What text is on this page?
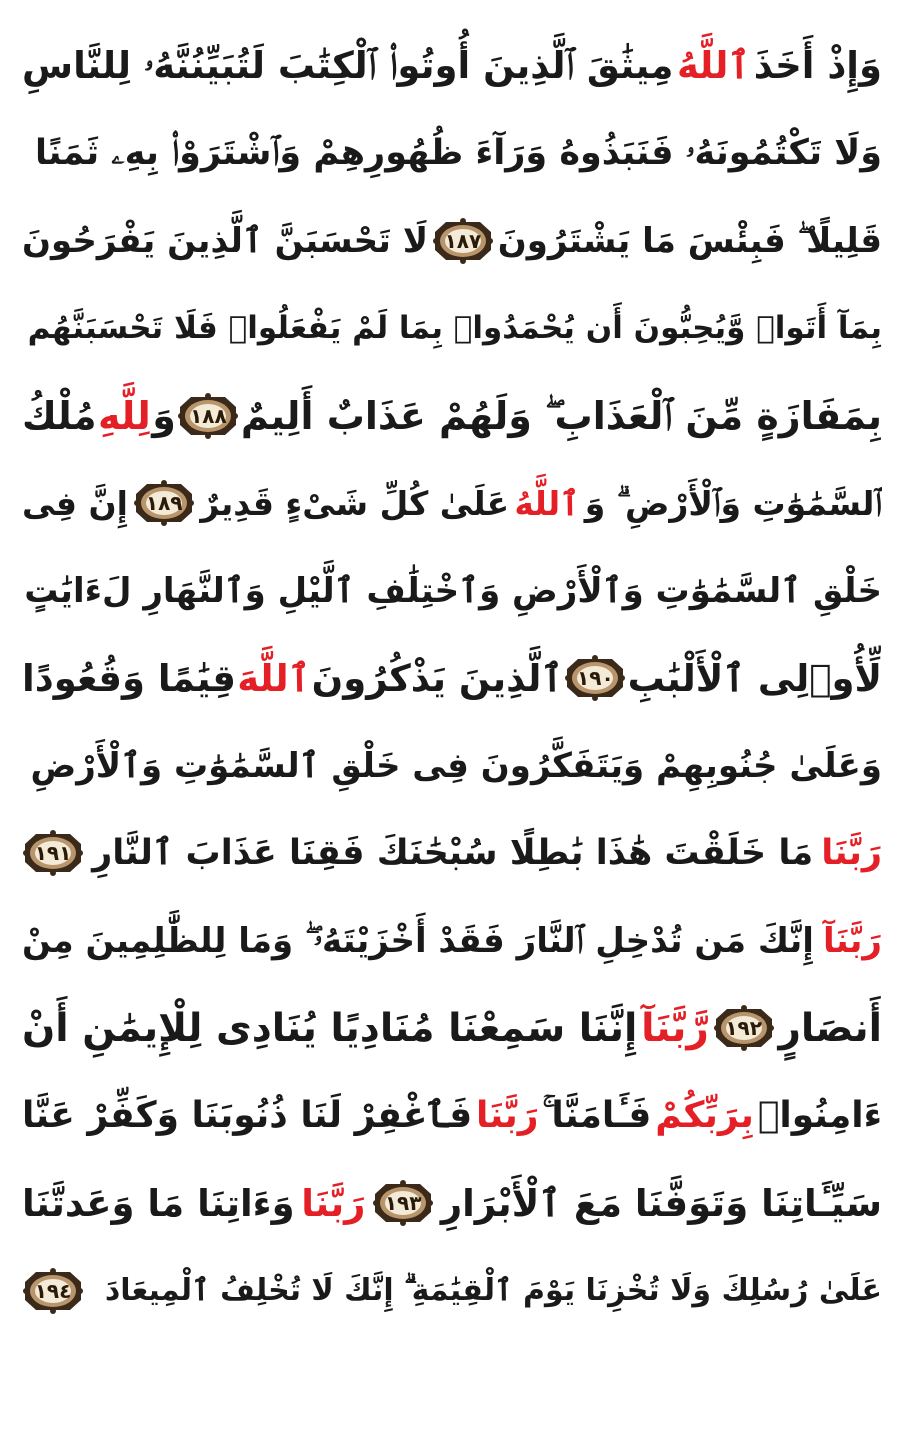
وَإِذْ أَخَذَ
ٱللَّهُ
مِيثَٰقَ ٱلَّذِينَ أُوتُوا۟ ٱلْكِتَٰبَ لَتُبَيِّنُنَّهُۥ لِلنَّاسِ
وَلَا تَكْتُمُونَهُۥ فَنَبَذُوهُ وَرَآءَ ظُهُورِهِمْ وَٱشْتَرَوْا۟ بِهِۦ ثَمَنًا
قَلِيلًا ۖ فَبِئْسَ مَا يَشْتَرُونَ
١٨٧
لَا تَحْسَبَنَّ ٱلَّذِينَ يَفْرَحُونَ
بِمَآ أَتَوا۟ وَّيُحِبُّونَ أَن يُحْمَدُوا۟ بِمَا لَمْ يَفْعَلُوا۟ فَلَا تَحْسَبَنَّهُم
بِمَفَازَةٍ مِّنَ ٱلْعَذَابِ ۖ وَلَهُمْ عَذَابٌ أَلِيمٌ
١٨٨
وَ
لِلَّهِ
مُلْكُ
ٱلسَّمَٰوَٰتِ وَٱلْأَرْضِ ۗ وَ
ٱللَّهُ
عَلَىٰ كُلِّ شَىْءٍ قَدِيرٌ
١٨٩
إِنَّ فِى
خَلْقِ ٱلسَّمَٰوَٰتِ وَٱلْأَرْضِ وَٱخْتِلَٰفِ ٱلَّيْلِ وَٱلنَّهَارِ لَءَايَٰتٍ
لِّأُو۟لِى ٱلْأَلْبَٰبِ
١٩٠
ٱلَّذِينَ يَذْكُرُونَ
ٱللَّهَ
قِيَٰمًا وَقُعُودًا
وَعَلَىٰ جُنُوبِهِمْ وَيَتَفَكَّرُونَ فِى خَلْقِ ٱلسَّمَٰوَٰتِ وَٱلْأَرْضِ
رَبَّنَا
مَا خَلَقْتَ هَٰذَا بَٰطِلًا سُبْحَٰنَكَ فَقِنَا عَذَابَ ٱلنَّارِ
١٩١
رَبَّنَآ
إِنَّكَ مَن تُدْخِلِ ٱلنَّارَ فَقَدْ أَخْزَيْتَهُۥ ۖ وَمَا لِلظَّٰلِمِينَ مِنْ
أَنصَارٍ
١٩٢
رَّبَّنَآ
إِنَّنَا سَمِعْنَا مُنَادِيًا يُنَادِى لِلْإِيمَٰنِ أَنْ
ءَامِنُوا۟
بِرَبِّكُمْ
فَـَٔامَنَّا ۚ
رَبَّنَا
فَٱغْفِرْ لَنَا ذُنُوبَنَا وَكَفِّرْ عَنَّا
سَيِّـَٔاتِنَا وَتَوَفَّنَا مَعَ ٱلْأَبْرَارِ
١٩٣
رَبَّنَا
وَءَاتِنَا مَا وَعَدتَّنَا
عَلَىٰ رُسُلِكَ وَلَا تُخْزِنَا يَوْمَ ٱلْقِيَٰمَةِ ۗ إِنَّكَ لَا تُخْلِفُ ٱلْمِيعَادَ
١٩٤
